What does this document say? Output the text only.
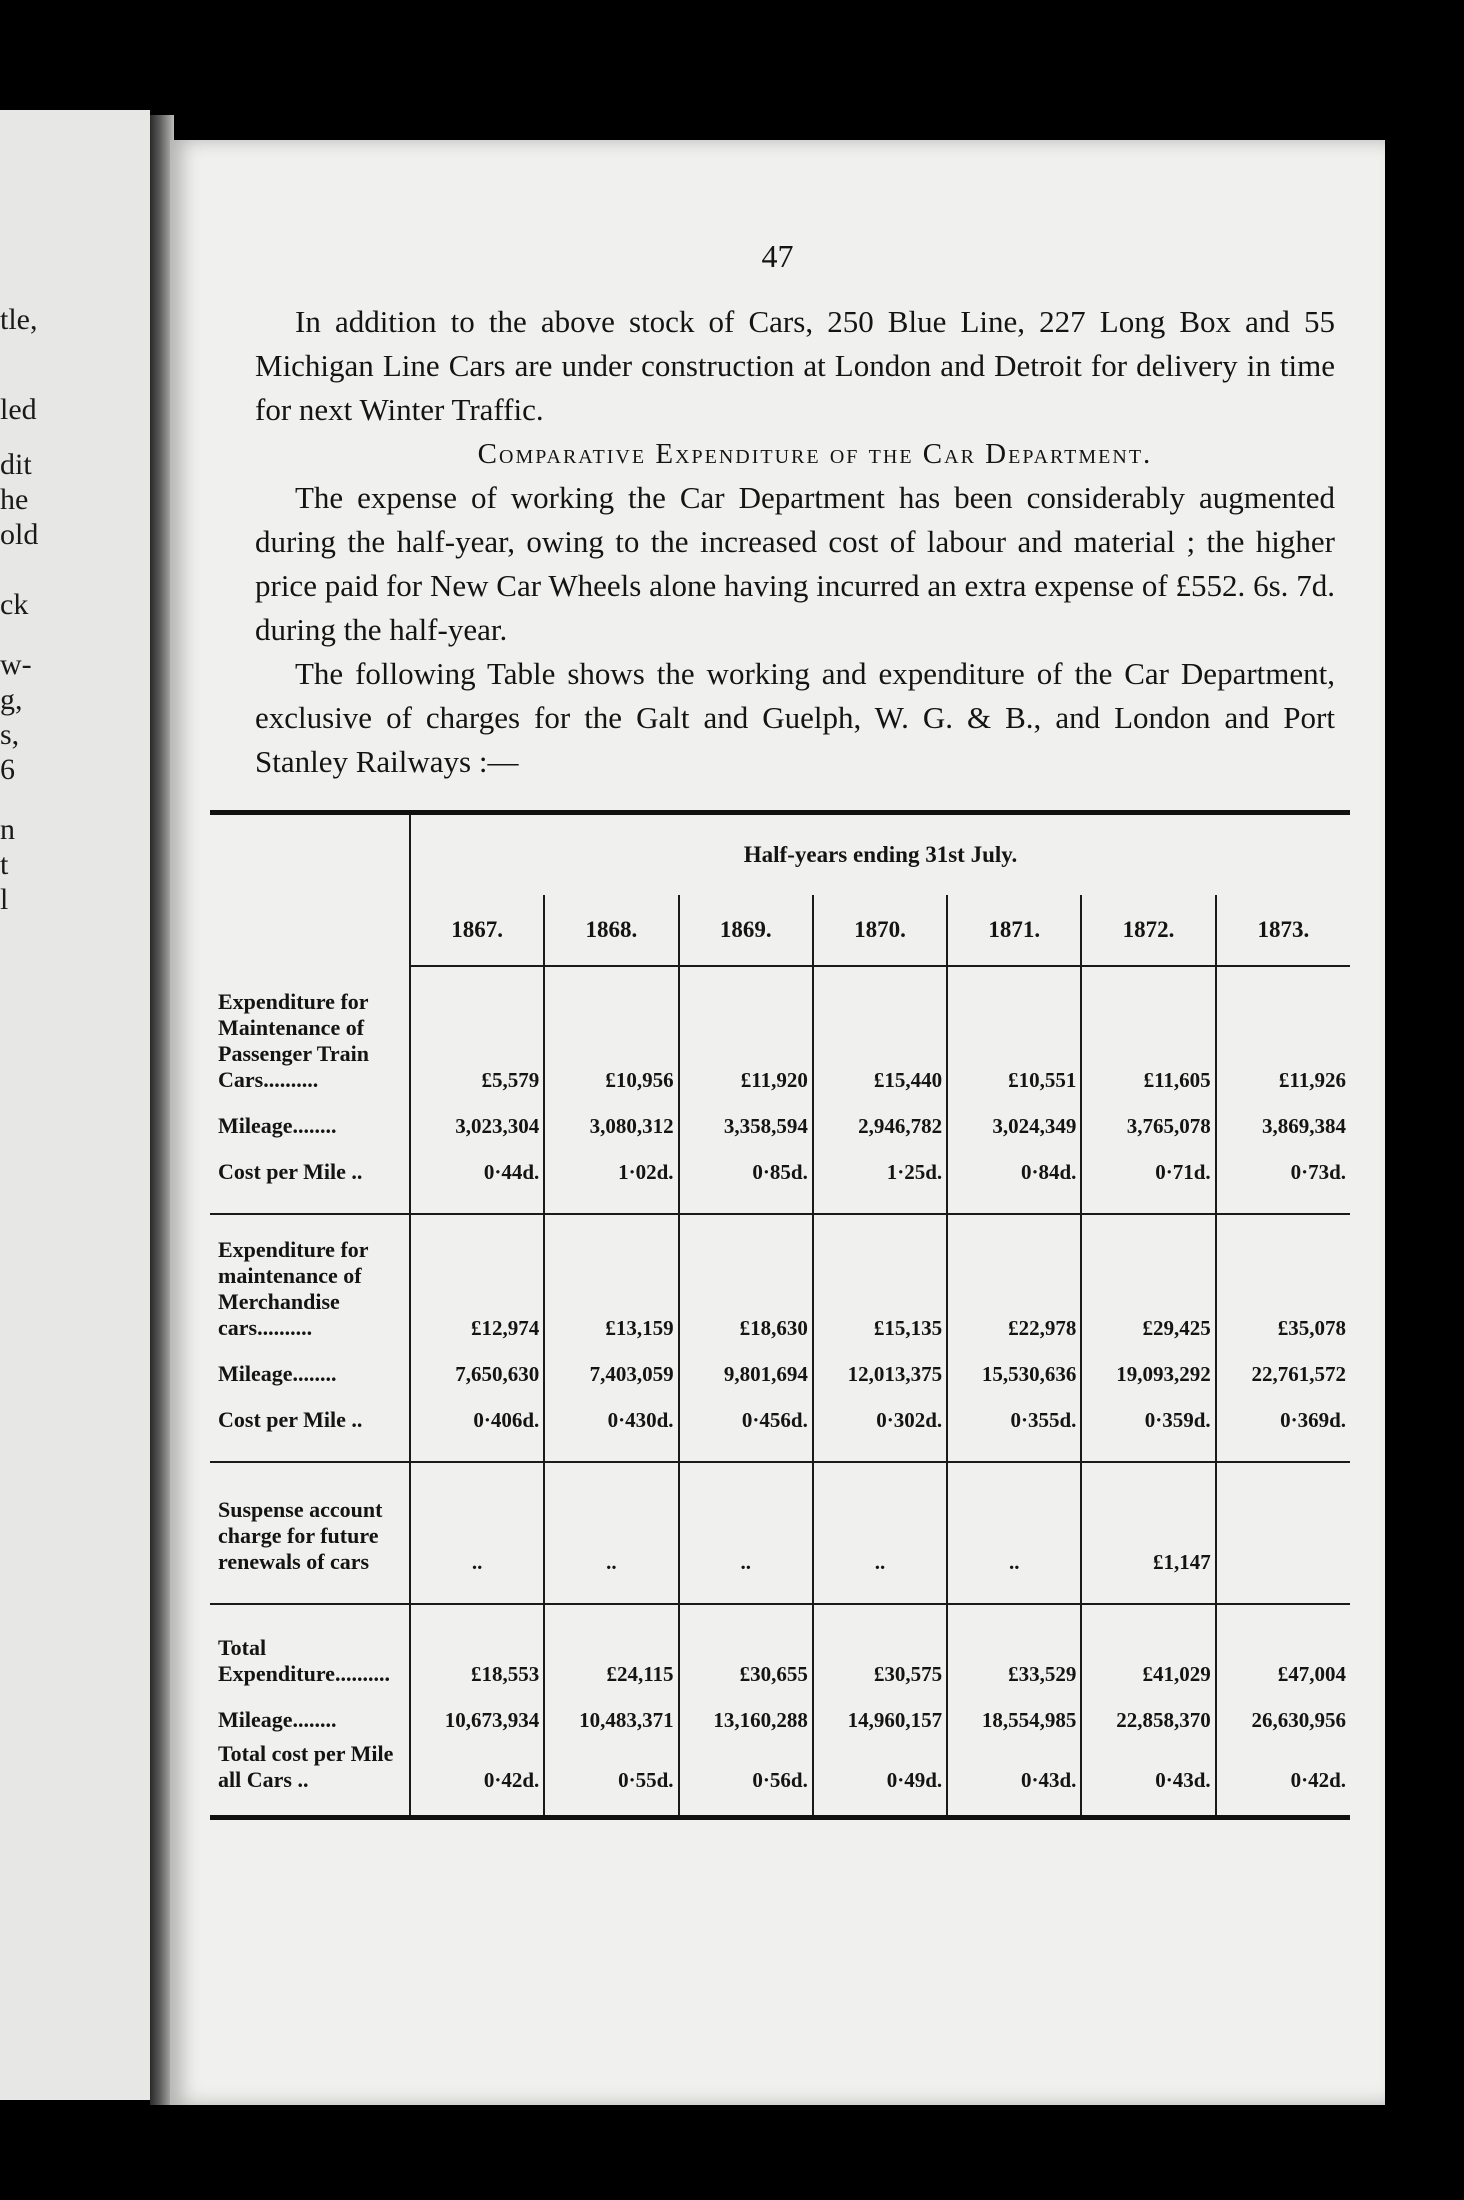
tle,
led
dit
he
old
ck
w-
g,
s,
6
n
t
l
47

In addition to the above stock of Cars, 250 Blue Line, 227 Long Box and 55 Michigan Line Cars are under construction at London and Detroit for delivery in time for next Winter Traffic.

Comparative Expenditure of the Car Department.

The expense of working the Car Department has been considerably augmented during the half-year, owing to the increased cost of labour and material ; the higher price paid for New Car Wheels alone having incurred an extra expense of £552. 6s. 7d. during the half-year.

The following Table shows the working and expenditure of the Car Department, exclusive of charges for the Galt and Guelph, W. G. & B., and London and Port Stanley Railways :—

	Half-years ending 31st July.						
	1867.	1868.	1869.	1870.	1871.	1872.	1873.

Expenditure for Maintenance of Passenger Train Cars..........	£5,579	£10,956	£11,920	£15,440	£10,551	£11,605	£11,926
Mileage........	3,023,304	3,080,312	3,358,594	2,946,782	3,024,349	3,765,078	3,869,384
Cost per Mile ..	0·44d.	1·02d.	0·85d.	1·25d.	0·84d.	0·71d.	0·73d.

Expenditure for maintenance of Merchandise cars..........	£12,974	£13,159	£18,630	£15,135	£22,978	£29,425	£35,078
Mileage........	7,650,630	7,403,059	9,801,694	12,013,375	15,530,636	19,093,292	22,761,572
Cost per Mile ..	0·406d.	0·430d.	0·456d.	0·302d.	0·355d.	0·359d.	0·369d.

Suspense account charge for future renewals of cars	..	..	..	..	..	£1,147	

Total Expenditure..........	£18,553	£24,115	£30,655	£30,575	£33,529	£41,029	£47,004
Mileage........	10,673,934	10,483,371	13,160,288	14,960,157	18,554,985	22,858,370	26,630,956
Total cost per Mile all Cars ..	0·42d.	0·55d.	0·56d.	0·49d.	0·43d.	0·43d.	0·42d.
